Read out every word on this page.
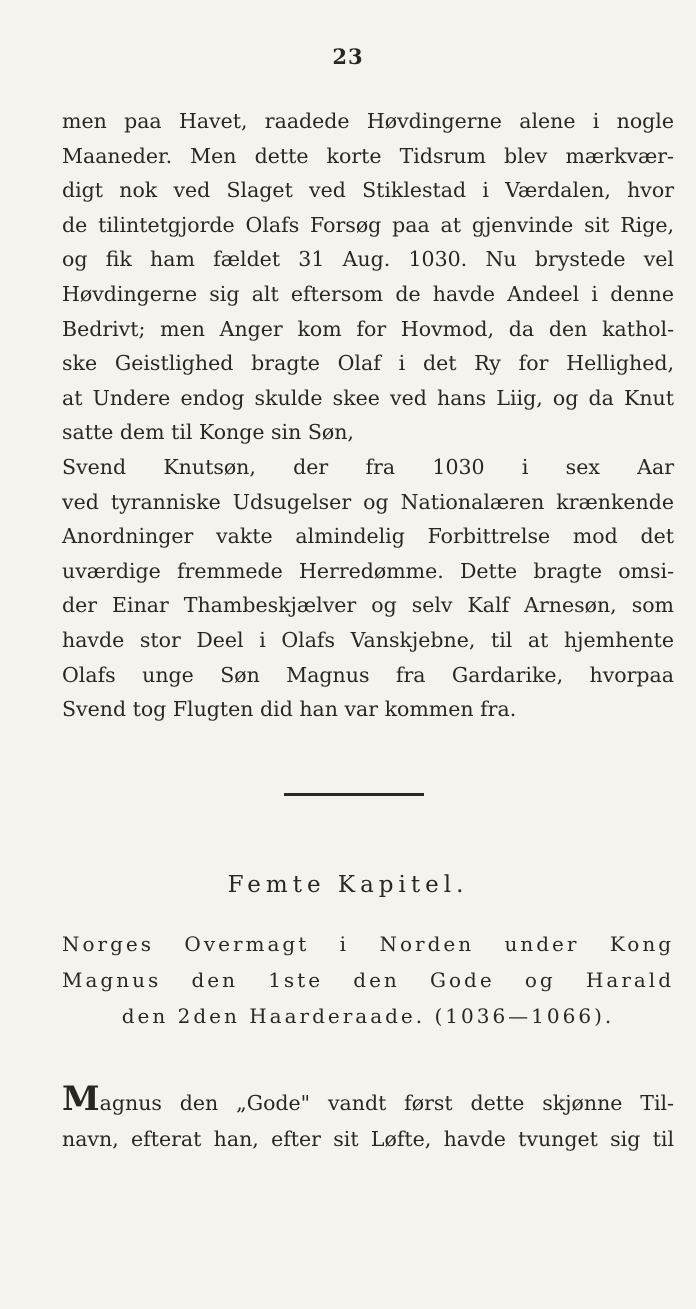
23
men paa Havet, raadede Høvdingerne alene i nogle
Maaneder. Men dette korte Tidsrum blev mærkvær-
digt nok ved Slaget ved Stiklestad i Værdalen, hvor
de tilintetgjorde Olafs Forsøg paa at gjenvinde sit Rige,
og fik ham fældet 31 Aug. 1030. Nu brystede vel
Høvdingerne sig alt eftersom de havde Andeel i denne
Bedrivt; men Anger kom for Hovmod, da den kathol-
ske Geistlighed bragte Olaf i det Ry for Hellighed,
at Undere endog skulde skee ved hans Liig, og da Knut
satte dem til Konge sin Søn,
Svend Knutsøn, der fra 1030 i sex Aar
ved tyranniske Udsugelser og Nationalæren krænkende
Anordninger vakte almindelig Forbittrelse mod det
uværdige fremmede Herredømme. Dette bragte omsi-
der Einar Thambeskjælver og selv Kalf Arnesøn, som
havde stor Deel i Olafs Vanskjebne, til at hjemhente
Olafs unge Søn Magnus fra Gardarike, hvorpaa
Svend tog Flugten did han var kommen fra.
Femte Kapitel.
Norges Overmagt i Norden under Kong
Magnus den 1ste den Gode og Harald
den 2den Haarderaade. (1036—1066).
Magnus den „Gode" vandt først dette skjønne Til-
navn, efterat han, efter sit Løfte, havde tvunget sig til
